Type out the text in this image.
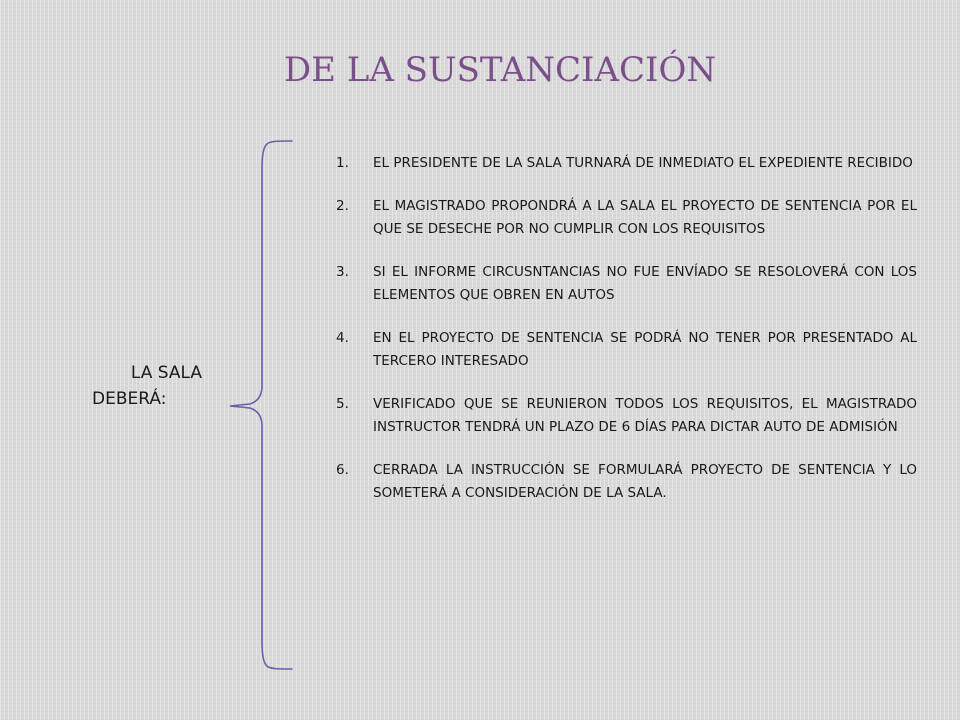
DE LA SUSTANCIACIÓN
LA SALA
DEBERÁ:
1. EL PRESIDENTE DE LA SALA TURNARÁ DE INMEDIATO EL EXPEDIENTE RECIBIDO
2. EL MAGISTRADO PROPONDRÁ A LA SALA EL PROYECTO DE SENTENCIA POR EL QUE SE DESECHE POR NO CUMPLIR CON LOS REQUISITOS
3. SI EL INFORME CIRCUSNTANCIAS NO FUE ENVÍADO SE RESOLOVERÁ CON LOS ELEMENTOS QUE OBREN EN AUTOS
4. EN EL PROYECTO DE SENTENCIA SE PODRÁ NO TENER POR PRESENTADO AL TERCERO INTERESADO
5. VERIFICADO QUE SE REUNIERON TODOS LOS REQUISITOS, EL MAGISTRADO INSTRUCTOR TENDRÁ UN PLAZO DE 6 DÍAS PARA DICTAR AUTO DE ADMISIÓN
6. CERRADA LA INSTRUCCIÓN SE FORMULARÁ PROYECTO DE SENTENCIA Y LO SOMETERÁ A CONSIDERACIÓN DE LA SALA.
